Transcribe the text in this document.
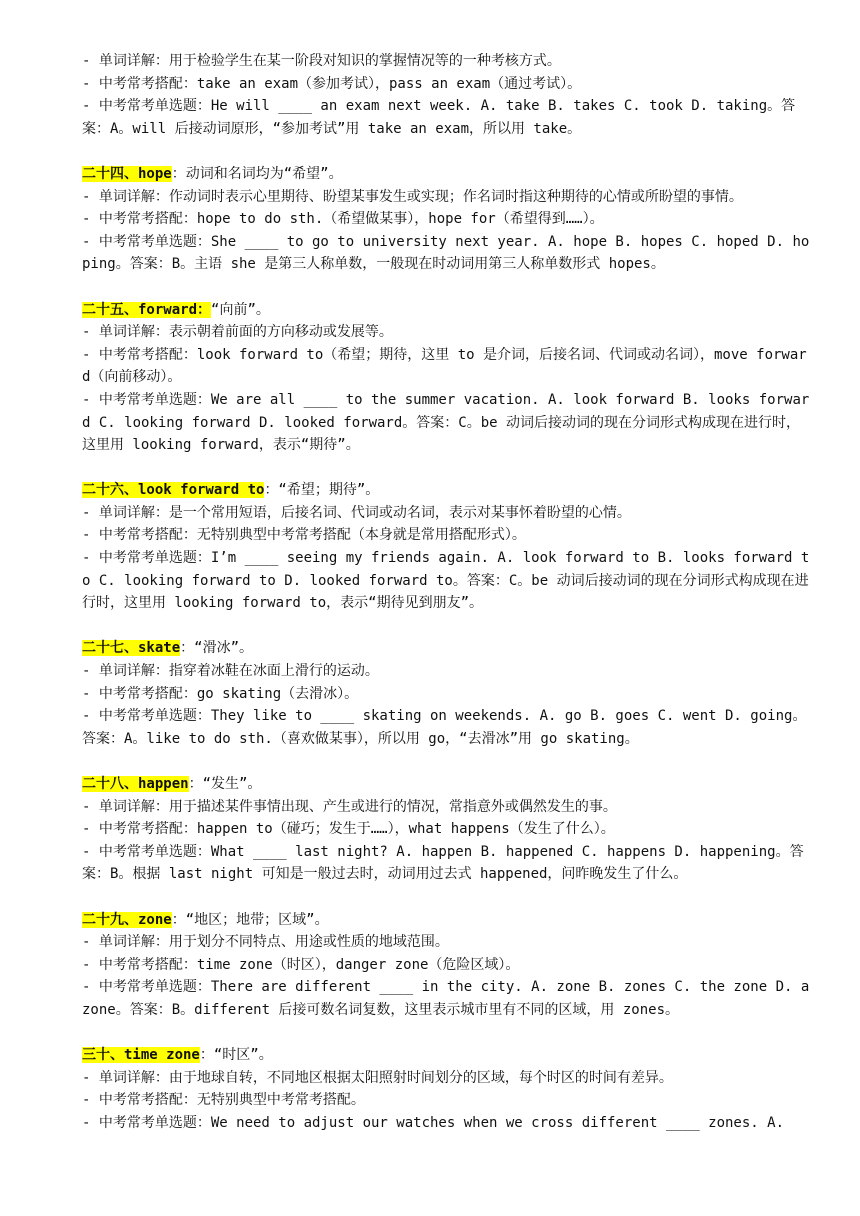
- 单词详解：用于检验学生在某一阶段对知识的掌握情况等的一种考核方式。

- 中考常考搭配：take an exam（参加考试），pass an exam（通过考试）。

- 中考常考单选题：He will ____ an exam next week. A. take B. takes C. took D. taking。答案：A。will 后接动词原形，“参加考试”用 take an exam，所以用 take。

二十四、hope：动词和名词均为“希望”。

- 单词详解：作动词时表示心里期待、盼望某事发生或实现；作名词时指这种期待的心情或所盼望的事情。

- 中考常考搭配：hope to do sth.（希望做某事），hope for（希望得到……）。

- 中考常考单选题：She ____ to go to university next year. A. hope B. hopes C. hoped D. hoping。答案：B。主语 she 是第三人称单数，一般现在时动词用第三人称单数形式 hopes。

二十五、forward：“向前”。

- 单词详解：表示朝着前面的方向移动或发展等。

- 中考常考搭配：look forward to（希望；期待，这里 to 是介词，后接名词、代词或动名词），move forward（向前移动）。

- 中考常考单选题：We are all ____ to the summer vacation. A. look forward B. looks forward C. looking forward D. looked forward。答案：C。be 动词后接动词的现在分词形式构成现在进行时，这里用 looking forward，表示“期待”。

二十六、look forward to：“希望；期待”。

- 单词详解：是一个常用短语，后接名词、代词或动名词，表示对某事怀着盼望的心情。

- 中考常考搭配：无特别典型中考常考搭配（本身就是常用搭配形式）。

- 中考常考单选题：I’m ____ seeing my friends again. A. look forward to B. looks forward to C. looking forward to D. looked forward to。答案：C。be 动词后接动词的现在分词形式构成现在进行时，这里用 looking forward to，表示“期待见到朋友”。

二十七、skate：“滑冰”。

- 单词详解：指穿着冰鞋在冰面上滑行的运动。

- 中考常考搭配：go skating（去滑冰）。

- 中考常考单选题：They like to ____ skating on weekends. A. go B. goes C. went D. going。答案：A。like to do sth.（喜欢做某事），所以用 go，“去滑冰”用 go skating。

二十八、happen：“发生”。

- 单词详解：用于描述某件事情出现、产生或进行的情况，常指意外或偶然发生的事。

- 中考常考搭配：happen to（碰巧；发生于……），what happens（发生了什么）。

- 中考常考单选题：What ____ last night? A. happen B. happened C. happens D. happening。答案：B。根据 last night 可知是一般过去时，动词用过去式 happened，问昨晚发生了什么。

二十九、zone：“地区；地带；区域”。

- 单词详解：用于划分不同特点、用途或性质的地域范围。

- 中考常考搭配：time zone（时区），danger zone（危险区域）。

- 中考常考单选题：There are different ____ in the city. A. zone B. zones C. the zone D. a zone。答案：B。different 后接可数名词复数，这里表示城市里有不同的区域，用 zones。

三十、time zone：“时区”。

- 单词详解：由于地球自转，不同地区根据太阳照射时间划分的区域，每个时区的时间有差异。

- 中考常考搭配：无特别典型中考常考搭配。

- 中考常考单选题：We need to adjust our watches when we cross different ____ zones. A.
